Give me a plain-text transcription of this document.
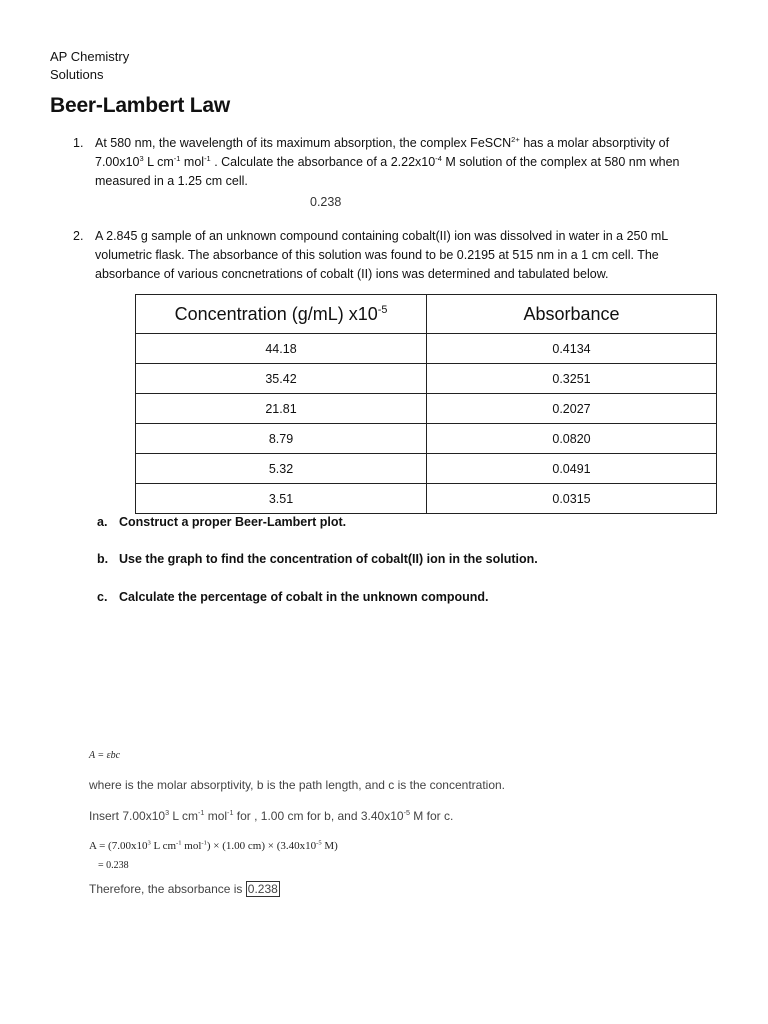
AP Chemistry
Solutions
Beer-Lambert Law
1. At 580 nm, the wavelength of its maximum absorption, the complex FeSCN$^{2+}$ has a molar absorptivity of
$7.00x10^3$ L $cm^{-1}$ mol$^{-1}$ . Calculate the absorbance of a $2.22x10^{-4}$ M solution of the complex at 580 nm when
measured in a 1.25 cm cell.
0.238
2. A 2.845 g sample of an unknown compound containing cobalt(II) ion was dissolved in water in a 250 mL
volumetric flask. The absorbance of this solution was found to be 0.2195 at 515 nm in a 1 cm cell. The
absorbance of various concnetrations of cobalt (II) ions was determined and tabulated below.
Concentration (g/mL) $x10^{-5}$	Absorbance
44.18	0.4134
35.42	0.3251
21.81	0.2027
8.79	0.0820
5.32	0.0491
3.51	0.0315
a. Construct a proper Beer-Lambert plot.
b. Use the graph to find the concentration of cobalt(II) ion in the solution.
c. Calculate the percentage of cobalt in the unknown compound.
A = εbc
where is the molar absorptivity, b is the path length, and c is the concentration.
Insert $7.00x10^3$ L $cm^{-1}$ mol$^{-1}$ for , 1.00 cm for b, and $3.40x10^{-5}$ M for c.
$A = (7.00x10^3$ L $cm^{-1}$ mol$^{-1}$) × (1.00 $cm) \times (3.40x10^{-5}$ M)
= 0.238
Therefore, the absorbance is 0.238
